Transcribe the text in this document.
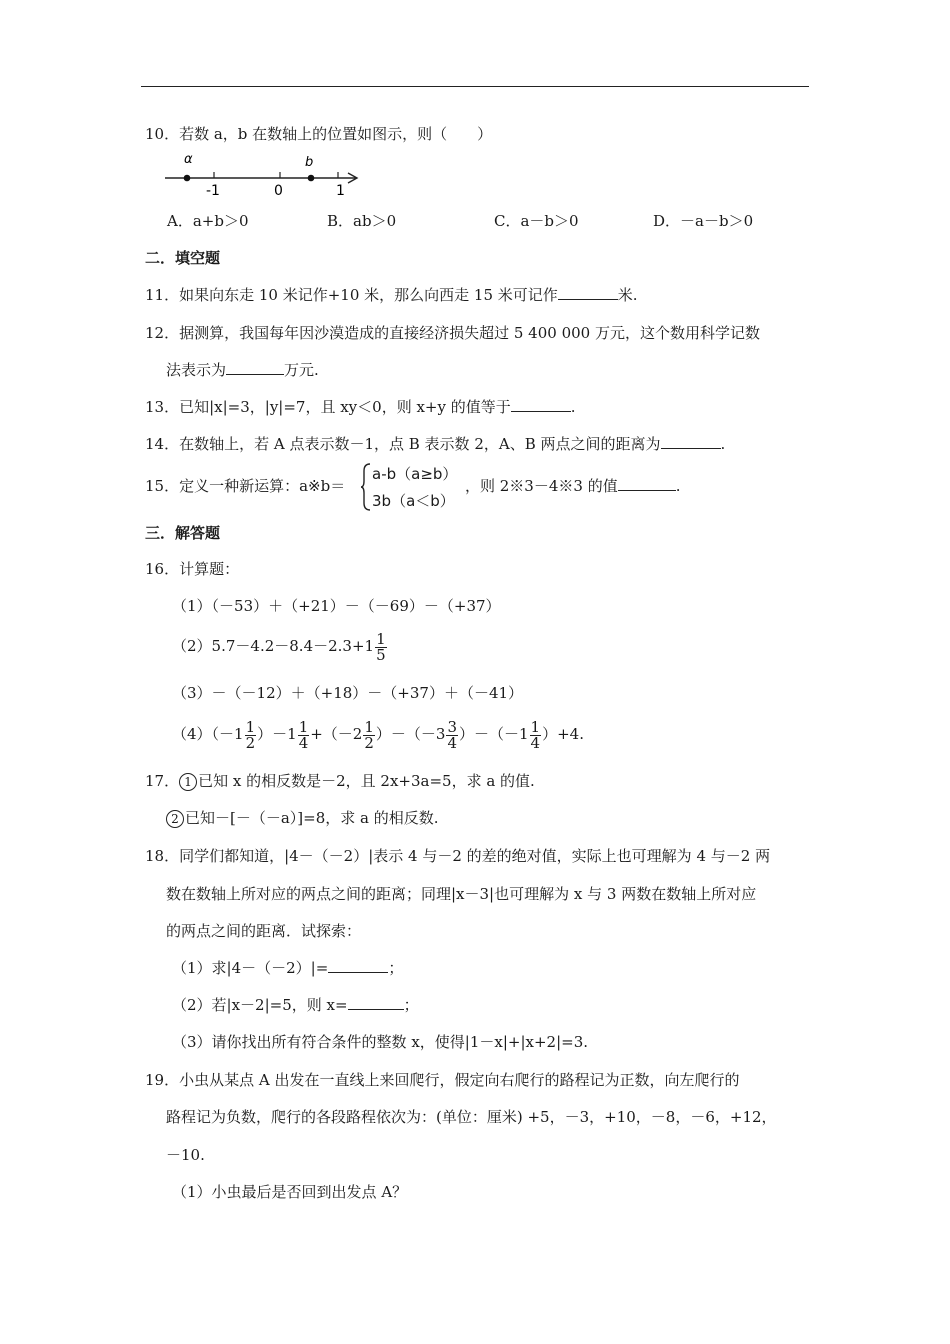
10．若数 a，b 在数轴上的位置如图示，则（　　）
α	b
-1	0	1
A．a+b＞0	B．ab＞0	C．a－b＞0	D．－a－b＞0
二．填空题
11．如果向东走 10 米记作+10 米，那么向西走 15 米可记作	米.
12．据测算，我国每年因沙漠造成的直接经济损失超过 5 400 000 万元，这个数用科学记数
法表示为	万元.
13．已知|x|=3，|y|=7，且 xy＜0，则 x+y 的值等于	.
14．在数轴上，若 A 点表示数－1，点 B 表示数 2，A、B 两点之间的距离为	.
15．定义一种新运算：a※b＝
a-b（a≥b）
3b（a＜b）
，则 2※3－4※3 的值	.
三．解答题
16．计算题：
（1）（－53）＋（+21）－（－69）－（+37）
$(2)5.7-4.2-8.4-2.3+1 \frac{1}{5}$
（3）－（－12）＋（+18）－（+37）＋（－41）
$(4)(-1 \frac{1}{2} )-1 \frac{1}{4} +(-2 \frac{1}{2} )-(-3 \frac{3}{4} )-(-1 \frac{1}{4} )+4$.
17． 1 已知 x 的相反数是－2，且 2x+3a=5，求 a 的值.
2 已知－[－（－a）]=8，求 a 的相反数.
18．同学们都知道，|4－（－2）|表示 4 与－2 的差的绝对值，实际上也可理解为 4 与－2 两
数在数轴上所对应的两点之间的距离；同理|x－3|也可理解为 x 与 3 两数在数轴上所对应
的两点之间的距离．试探索：
（1）求|4－（－2）|=	；
（2）若|x－2|=5，则 x=	；
（3）请你找出所有符合条件的整数 x，使得|1－x|+|x+2|=3.
19．小虫从某点 A 出发在一直线上来回爬行，假定向右爬行的路程记为正数，向左爬行的
路程记为负数，爬行的各段路程依次为：(单位：厘米) +5，－3，+10，－8，－6，+12，
－10.
（1）小虫最后是否回到出发点 A？
